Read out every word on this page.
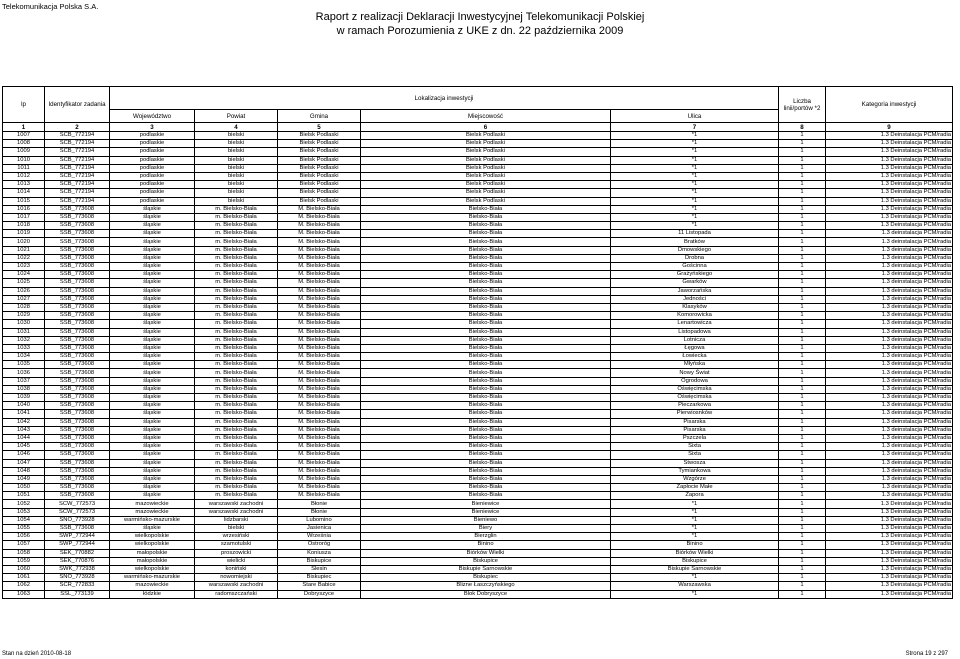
Telekomunikacja Polska S.A.
Raport z realizacji Deklaracji Inwestycyjnej Telekomunikacji Polskiej
w ramach Porozumienia z UKE z dn. 22 października 2009
lp	Identyfikator zadania	Lokalizacja inwestycji					Liczba linii/portów *2	Kategoria inwestycji
		Województwo	Powiat	Gmina	Miejscowość	Ulica		
1	2	3	4	5	6	7	8	9
1007	SCB_772194	podlaskie	bielski	Bielsk Podlaski	Bielsk Podlaski	*1	1	1.3 Deinstalacja PCM/radia
1008	SCB_772194	podlaskie	bielski	Bielsk Podlaski	Bielsk Podlaski	*1	1	1.3 Deinstalacja PCM/radia
1009	SCB_772194	podlaskie	bielski	Bielsk Podlaski	Bielsk Podlaski	*1	1	1.3 Deinstalacja PCM/radia
1010	SCB_772194	podlaskie	bielski	Bielsk Podlaski	Bielsk Podlaski	*1	1	1.3 Deinstalacja PCM/radia
1011	SCB_772194	podlaskie	bielski	Bielsk Podlaski	Bielsk Podlaski	*1	1	1.3 Deinstalacja PCM/radia
1012	SCB_772194	podlaskie	bielski	Bielsk Podlaski	Bielsk Podlaski	*1	1	1.3 Deinstalacja PCM/radia
1013	SCB_772194	podlaskie	bielski	Bielsk Podlaski	Bielsk Podlaski	*1	1	1.3 Deinstalacja PCM/radia
1014	SCB_772194	podlaskie	bielski	Bielsk Podlaski	Bielsk Podlaski	*1	1	1.3 Deinstalacja PCM/radia
1015	SCB_772194	podlaskie	bielski	Bielsk Podlaski	Bielsk Podlaski	*1	1	1.3 Deinstalacja PCM/radia
1016	SSB_773608	śląskie	m. Bielsko-Biała	M. Bielsko-Biała	Bielsko-Biała	*1	1	1.3 Deinstalacja PCM/radia
1017	SSB_773608	śląskie	m. Bielsko-Biała	M. Bielsko-Biała	Bielsko-Biała	*1	1	1.3 Deinstalacja PCM/radia
1018	SSB_773608	śląskie	m. Bielsko-Biała	M. Bielsko-Biała	Bielsko-Biała	*1	1	1.3 Deinstalacja PCM/radia
1019	SSB_773608	śląskie	m. Bielsko-Biała	M. Bielsko-Biała	Bielsko-Biała	11 Listopada	1	1.3 deinstalacja PCM/radia
1020	SSB_773608	śląskie	m. Bielsko-Biała	M. Bielsko-Biała	Bielsko-Biała	Bratków	1	1.3 deinstalacja PCM/radia
1021	SSB_773608	śląskie	m. Bielsko-Biała	M. Bielsko-Biała	Bielsko-Biała	Dmowskiego	1	1.3 deinstalacja PCM/radia
1022	SSB_773608	śląskie	m. Bielsko-Biała	M. Bielsko-Biała	Bielsko-Biała	Drobna	1	1.3 deinstalacja PCM/radia
1023	SSB_773608	śląskie	m. Bielsko-Biała	M. Bielsko-Biała	Bielsko-Biała	Gościnna	1	1.3 deinstalacja PCM/radia
1024	SSB_773608	śląskie	m. Bielsko-Biała	M. Bielsko-Biała	Bielsko-Biała	Grażyńskiego	1	1.3 deinstalacja PCM/radia
1025	SSB_773608	śląskie	m. Bielsko-Biała	M. Bielsko-Biała	Bielsko-Biała	Gwarków	1	1.3 deinstalacja PCM/radia
1026	SSB_773608	śląskie	m. Bielsko-Biała	M. Bielsko-Biała	Bielsko-Biała	Jaworzańska	1	1.3 deinstalacja PCM/radia
1027	SSB_773608	śląskie	m. Bielsko-Biała	M. Bielsko-Biała	Bielsko-Biała	Jedności	1	1.3 deinstalacja PCM/radia
1028	SSB_773608	śląskie	m. Bielsko-Biała	M. Bielsko-Biała	Bielsko-Biała	Klasyków	1	1.3 deinstalacja PCM/radia
1029	SSB_773608	śląskie	m. Bielsko-Biała	M. Bielsko-Biała	Bielsko-Biała	Komorowicka	1	1.3 deinstalacja PCM/radia
1030	SSB_773608	śląskie	m. Bielsko-Biała	M. Bielsko-Biała	Bielsko-Biała	Lenartowicza	1	1.3 deinstalacja PCM/radia
1031	SSB_773608	śląskie	m. Bielsko-Biała	M. Bielsko-Biała	Bielsko-Biała	Listopadowa	1	1.3 deinstalacja PCM/radia
1032	SSB_773608	śląskie	m. Bielsko-Biała	M. Bielsko-Biała	Bielsko-Biała	Lotnicza	1	1.3 deinstalacja PCM/radia
1033	SSB_773608	śląskie	m. Bielsko-Biała	M. Bielsko-Biała	Bielsko-Biała	Łęgowa	1	1.3 deinstalacja PCM/radia
1034	SSB_773608	śląskie	m. Bielsko-Biała	M. Bielsko-Biała	Bielsko-Biała	Łowiecka	1	1.3 deinstalacja PCM/radia
1035	SSB_773608	śląskie	m. Bielsko-Biała	M. Bielsko-Biała	Bielsko-Biała	Młyńska	1	1.3 deinstalacja PCM/radia
1036	SSB_773608	śląskie	m. Bielsko-Biała	M. Bielsko-Biała	Bielsko-Biała	Nowy Świat	1	1.3 deinstalacja PCM/radia
1037	SSB_773608	śląskie	m. Bielsko-Biała	M. Bielsko-Biała	Bielsko-Biała	Ogrodowa	1	1.3 deinstalacja PCM/radia
1038	SSB_773608	śląskie	m. Bielsko-Biała	M. Bielsko-Biała	Bielsko-Biała	Oświęcimska	1	1.3 deinstalacja PCM/radia
1039	SSB_773608	śląskie	m. Bielsko-Biała	M. Bielsko-Biała	Bielsko-Biała	Oświęcimska	1	1.3 deinstalacja PCM/radia
1040	SSB_773608	śląskie	m. Bielsko-Biała	M. Bielsko-Biała	Bielsko-Biała	Pieczarkowa	1	1.3 deinstalacja PCM/radia
1041	SSB_773608	śląskie	m. Bielsko-Biała	M. Bielsko-Biała	Bielsko-Biała	Pierwiosnków	1	1.3 deinstalacja PCM/radia
1042	SSB_773608	śląskie	m. Bielsko-Biała	M. Bielsko-Biała	Bielsko-Biała	Pisarska	1	1.3 deinstalacja PCM/radia
1043	SSB_773608	śląskie	m. Bielsko-Biała	M. Bielsko-Biała	Bielsko-Biała	Pisarska	1	1.3 deinstalacja PCM/radia
1044	SSB_773608	śląskie	m. Bielsko-Biała	M. Bielsko-Biała	Bielsko-Biała	Pszczela	1	1.3 deinstalacja PCM/radia
1045	SSB_773608	śląskie	m. Bielsko-Biała	M. Bielsko-Biała	Bielsko-Biała	Sixta	1	1.3 deinstalacja PCM/radia
1046	SSB_773608	śląskie	m. Bielsko-Biała	M. Bielsko-Biała	Bielsko-Biała	Sixta	1	1.3 deinstalacja PCM/radia
1047	SSB_773608	śląskie	m. Bielsko-Biała	M. Bielsko-Biała	Bielsko-Biała	Stwosza	1	1.3 deinstalacja PCM/radia
1048	SSB_773608	śląskie	m. Bielsko-Biała	M. Bielsko-Biała	Bielsko-Biała	Tymiankowa	1	1.3 deinstalacja PCM/radia
1049	SSB_773608	śląskie	m. Bielsko-Biała	M. Bielsko-Biała	Bielsko-Biała	Wzgórze	1	1.3 deinstalacja PCM/radia
1050	SSB_773608	śląskie	m. Bielsko-Biała	M. Bielsko-Biała	Bielsko-Biała	Zapłocie Małe	1	1.3 deinstalacja PCM/radia
1051	SSB_773608	śląskie	m. Bielsko-Biała	M. Bielsko-Biała	Bielsko-Biała	Zapora	1	1.3 deinstalacja PCM/radia
1052	SCW_772573	mazowieckie	warszawski zachodni	Błonie	Bieniewice	*1	1	1.3 Deinstalacja PCM/radia
1053	SCW_772573	mazowieckie	warszawski zachodni	Błonie	Bieniewice	*1	1	1.3 Deinstalacja PCM/radia
1054	SNO_773928	warmińsko-mazurskie	lidzbarski	Lubomino	Bieniewo	*1	1	1.3 Deinstalacja PCM/radia
1055	SSB_773608	śląskie	bielski	Jasienica	Biery	*1	1	1.3 Deinstalacja PCM/radia
1056	SWP_772944	wielkopolskie	wrzesiński	Września	Bierzglin	*1	1	1.3 Deinstalacja PCM/radia
1057	SWP_772944	wielkopolskie	szamotulski	Ostroróg	Binino	Binino	1	1.3 Deinstalacja PCM/radia
1058	SEK_770882	małopolskie	proszowicki	Koniusza	Biórków Wielki	Biórków Wielki	1	1.3 Deinstalacja PCM/radia
1059	SEK_770876	małopolskie	wielicki	Biskupice	Biskupice	Biskupice	1	1.3 Deinstalacja PCM/radia
1060	SWK_772938	wielkopolskie	koniński	Ślesin	Biskupie Sarnowskie	Biskupie Sarnowskie	1	1.3 Deinstalacja PCM/radia
1061	SNO_773928	warmińsko-mazurskie	nowomiejski	Biskupiec	Biskupiec	*1	1	1.3 Deinstalacja PCM/radia
1062	SCR_772833	mazowieckie	warszawski zachodni	Stare Babice	Blizne Łaszczyńskiego	Warszawska	1	1.3 Deinstalacja PCM/radia
1063	SSL_773139	łódzkie	radomszczański	Dobryszyce	Blok Dobryszyce	*1	1	1.3 Deinstalacja PCM/radia
Stan na dzień 2010-08-18	Strona 19 z 297
